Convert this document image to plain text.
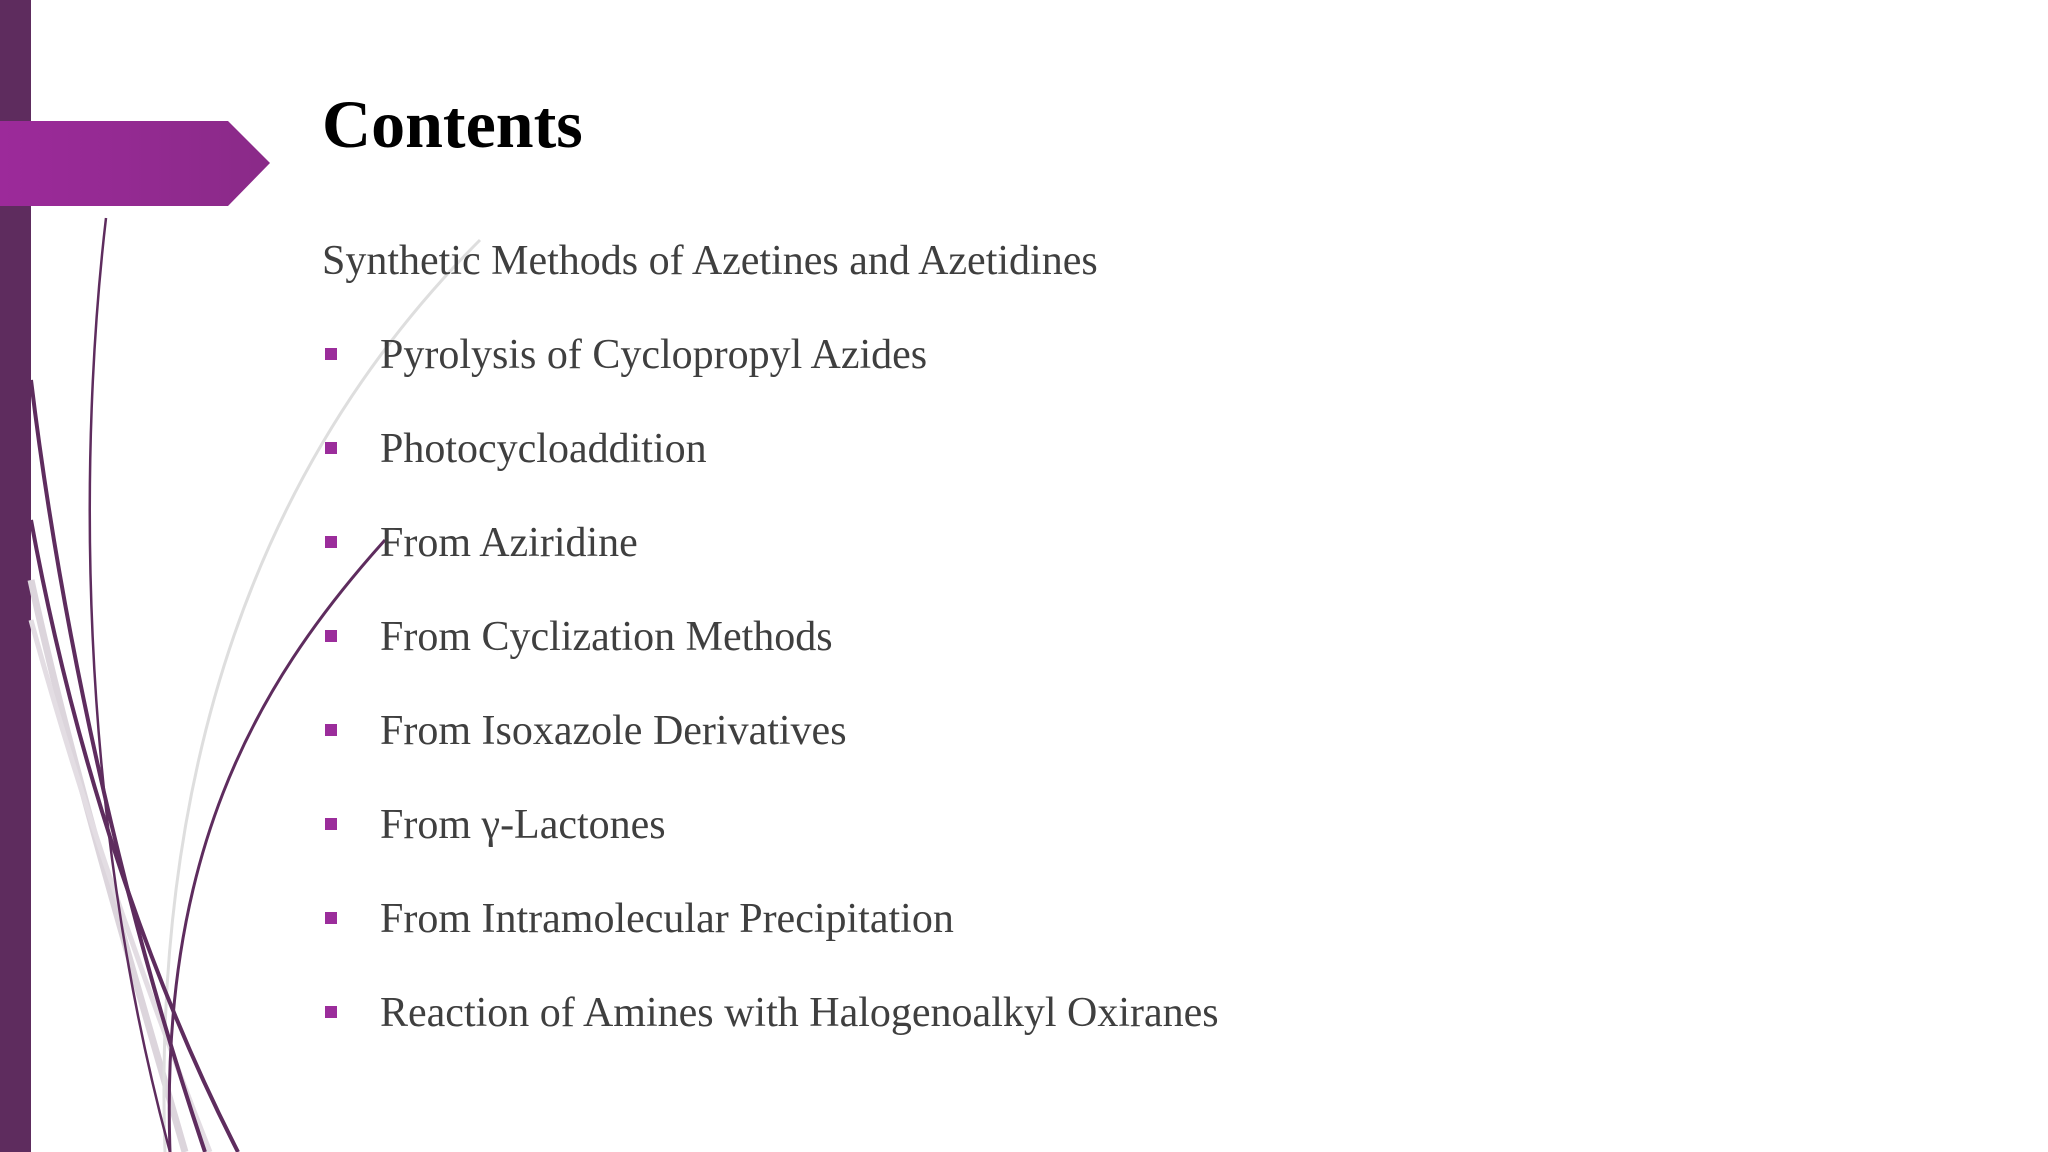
Contents

Synthetic Methods of Azetines and Azetidines

Pyrolysis of Cyclopropyl Azides
Photocycloaddition
From Aziridine
From Cyclization Methods
From Isoxazole Derivatives
From γ-Lactones
From Intramolecular Precipitation
Reaction of Amines with Halogenoalkyl Oxiranes
